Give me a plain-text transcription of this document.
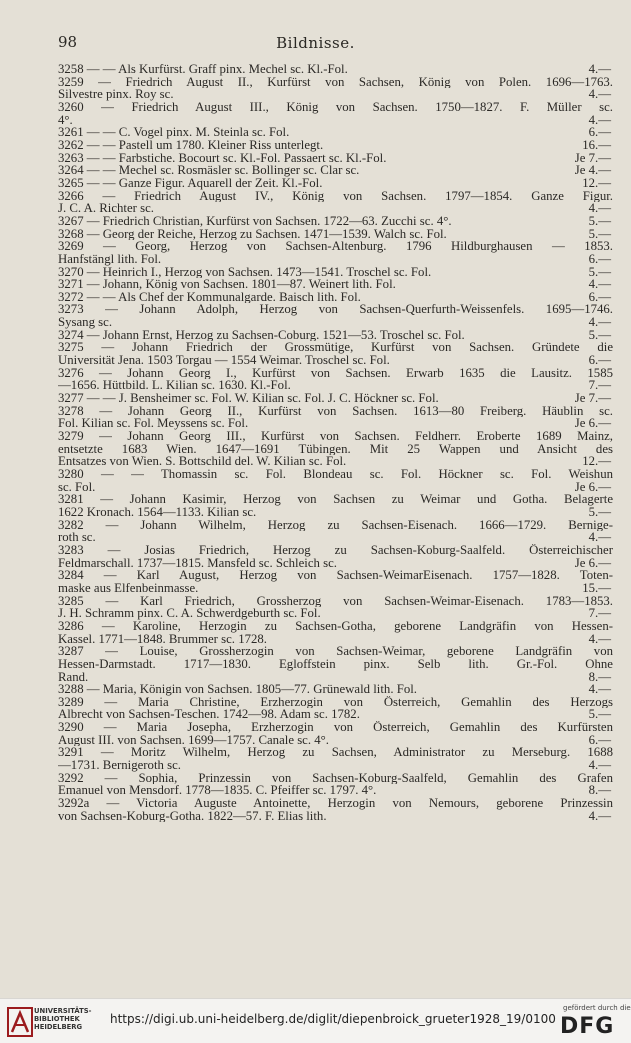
98	Bildnisse.
3258 — — Als Kurfürst. Graff pinx. Mechel sc. Kl.-Fol.	4.—
3259 — Friedrich August II., Kurfürst von Sachsen, König von Polen. 1696—1763.
Silvestre pinx. Roy sc.	4.—
3260 — Friedrich August III., König von Sachsen. 1750—1827. F. Müller sc.
4°.	4.—
3261 — — C. Vogel pinx. M. Steinla sc. Fol.	6.—
3262 — — Pastell um 1780. Kleiner Riss unterlegt.	16.—
3263 — — Farbstiche. Bocourt sc. Kl.-Fol. Passaert sc. Kl.-Fol.	Je 7.—
3264 — — Mechel sc. Rosmäsler sc. Bollinger sc. Clar sc.	Je 4.—
3265 — — Ganze Figur. Aquarell der Zeit. Kl.-Fol.	12.—
3266 — Friedrich August IV., König von Sachsen. 1797—1854. Ganze Figur.
J. C. A. Richter sc.	4.—
3267 — Friedrich Christian, Kurfürst von Sachsen. 1722—63. Zucchi sc. 4°.	5.—
3268 — Georg der Reiche, Herzog zu Sachsen. 1471—1539. Walch sc. Fol.	5.—
3269 — Georg, Herzog von Sachsen-Altenburg. 1796 Hildburghausen — 1853.
Hanfstängl lith. Fol.	6.—
3270 — Heinrich I., Herzog von Sachsen. 1473—1541. Troschel sc. Fol.	5.—
3271 — Johann, König von Sachsen. 1801—87. Weinert lith. Fol.	4.—
3272 — — Als Chef der Kommunalgarde. Baisch lith. Fol.	6.—
3273 — Johann Adolph, Herzog von Sachsen-Querfurth-Weissenfels. 1695—1746.
Sysang sc.	4.—
3274 — Johann Ernst, Herzog zu Sachsen-Coburg. 1521—53. Troschel sc. Fol.	5.—
3275 — Johann Friedrich der Grossmütige, Kurfürst von Sachsen. Gründete die
Universität Jena. 1503 Torgau — 1554 Weimar. Troschel sc. Fol.	6.—
3276 — Johann Georg I., Kurfürst von Sachsen. Erwarb 1635 die Lausitz. 1585
—1656. Hüttbild. L. Kilian sc. 1630. Kl.-Fol.	7.—
3277 — — J. Bensheimer sc. Fol. W. Kilian sc. Fol. J. C. Höckner sc. Fol.	Je 7.—
3278 — Johann Georg II., Kurfürst von Sachsen. 1613—80 Freiberg. Häublin sc.
Fol. Kilian sc. Fol. Meyssens sc. Fol.	Je 6.—
3279 — Johann Georg III., Kurfürst von Sachsen. Feldherr. Eroberte 1689 Mainz,
entsetzte 1683 Wien. 1647—1691 Tübingen. Mit 25 Wappen und Ansicht des
Entsatzes von Wien. S. Bottschild del. W. Kilian sc. Fol.	12.—
3280 — — Thomassin sc. Fol. Blondeau sc. Fol. Höckner sc. Fol. Weishun
sc. Fol.	Je 6.—
3281 — Johann Kasimir, Herzog von Sachsen zu Weimar und Gotha. Belagerte
1622 Kronach. 1564—1133. Kilian sc.	5.—
3282 — Johann Wilhelm, Herzog zu Sachsen-Eisenach. 1666—1729. Bernige-
roth sc.	4.—
3283 — Josias Friedrich, Herzog zu Sachsen-Koburg-Saalfeld. Österreichischer
Feldmarschall. 1737—1815. Mansfeld sc. Schleich sc.	Je 6.—
3284 — Karl August, Herzog von Sachsen-WeimarEisenach. 1757—1828. Toten-
maske aus Elfenbeinmasse.	15.—
3285 — Karl Friedrich, Grossherzog von Sachsen-Weimar-Eisenach. 1783—1853.
J. H. Schramm pinx. C. A. Schwerdgeburth sc. Fol.	7.—
3286 — Karoline, Herzogin zu Sachsen-Gotha, geborene Landgräfin von Hessen-
Kassel. 1771—1848. Brummer sc. 1728.	4.—
3287 — Louise, Grossherzogin von Sachsen-Weimar, geborene Landgräfin von
Hessen-Darmstadt. 1717—1830. Egloffstein pinx. Selb lith. Gr.-Fol. Ohne
Rand.	8.—
3288 — Maria, Königin von Sachsen. 1805—77. Grünewald lith. Fol.	4.—
3289 — Maria Christine, Erzherzogin von Österreich, Gemahlin des Herzogs
Albrecht von Sachsen-Teschen. 1742—98. Adam sc. 1782.	5.—
3290 — Maria Josepha, Erzherzogin von Österreich, Gemahlin des Kurfürsten
August III. von Sachsen. 1699—1757. Canale sc. 4°.	6.—
3291 — Moritz Wilhelm, Herzog zu Sachsen, Administrator zu Merseburg. 1688
—1731. Bernigeroth sc.	4.—
3292 — Sophia, Prinzessin von Sachsen-Koburg-Saalfeld, Gemahlin des Grafen
Emanuel von Mensdorf. 1778—1835. C. Pfeiffer sc. 1797. 4°.	8.—
3292a — Victoria Auguste Antoinette, Herzogin von Nemours, geborene Prinzessin
von Sachsen-Koburg-Gotha. 1822—57. F. Elias lith.	4.—
UNIVERSITÄTS-
BIBLIOTHEK
HEIDELBERG
https://digi.ub.uni-heidelberg.de/diglit/diepenbroick_grueter1928_19/0100
gefördert durch die
DFG
